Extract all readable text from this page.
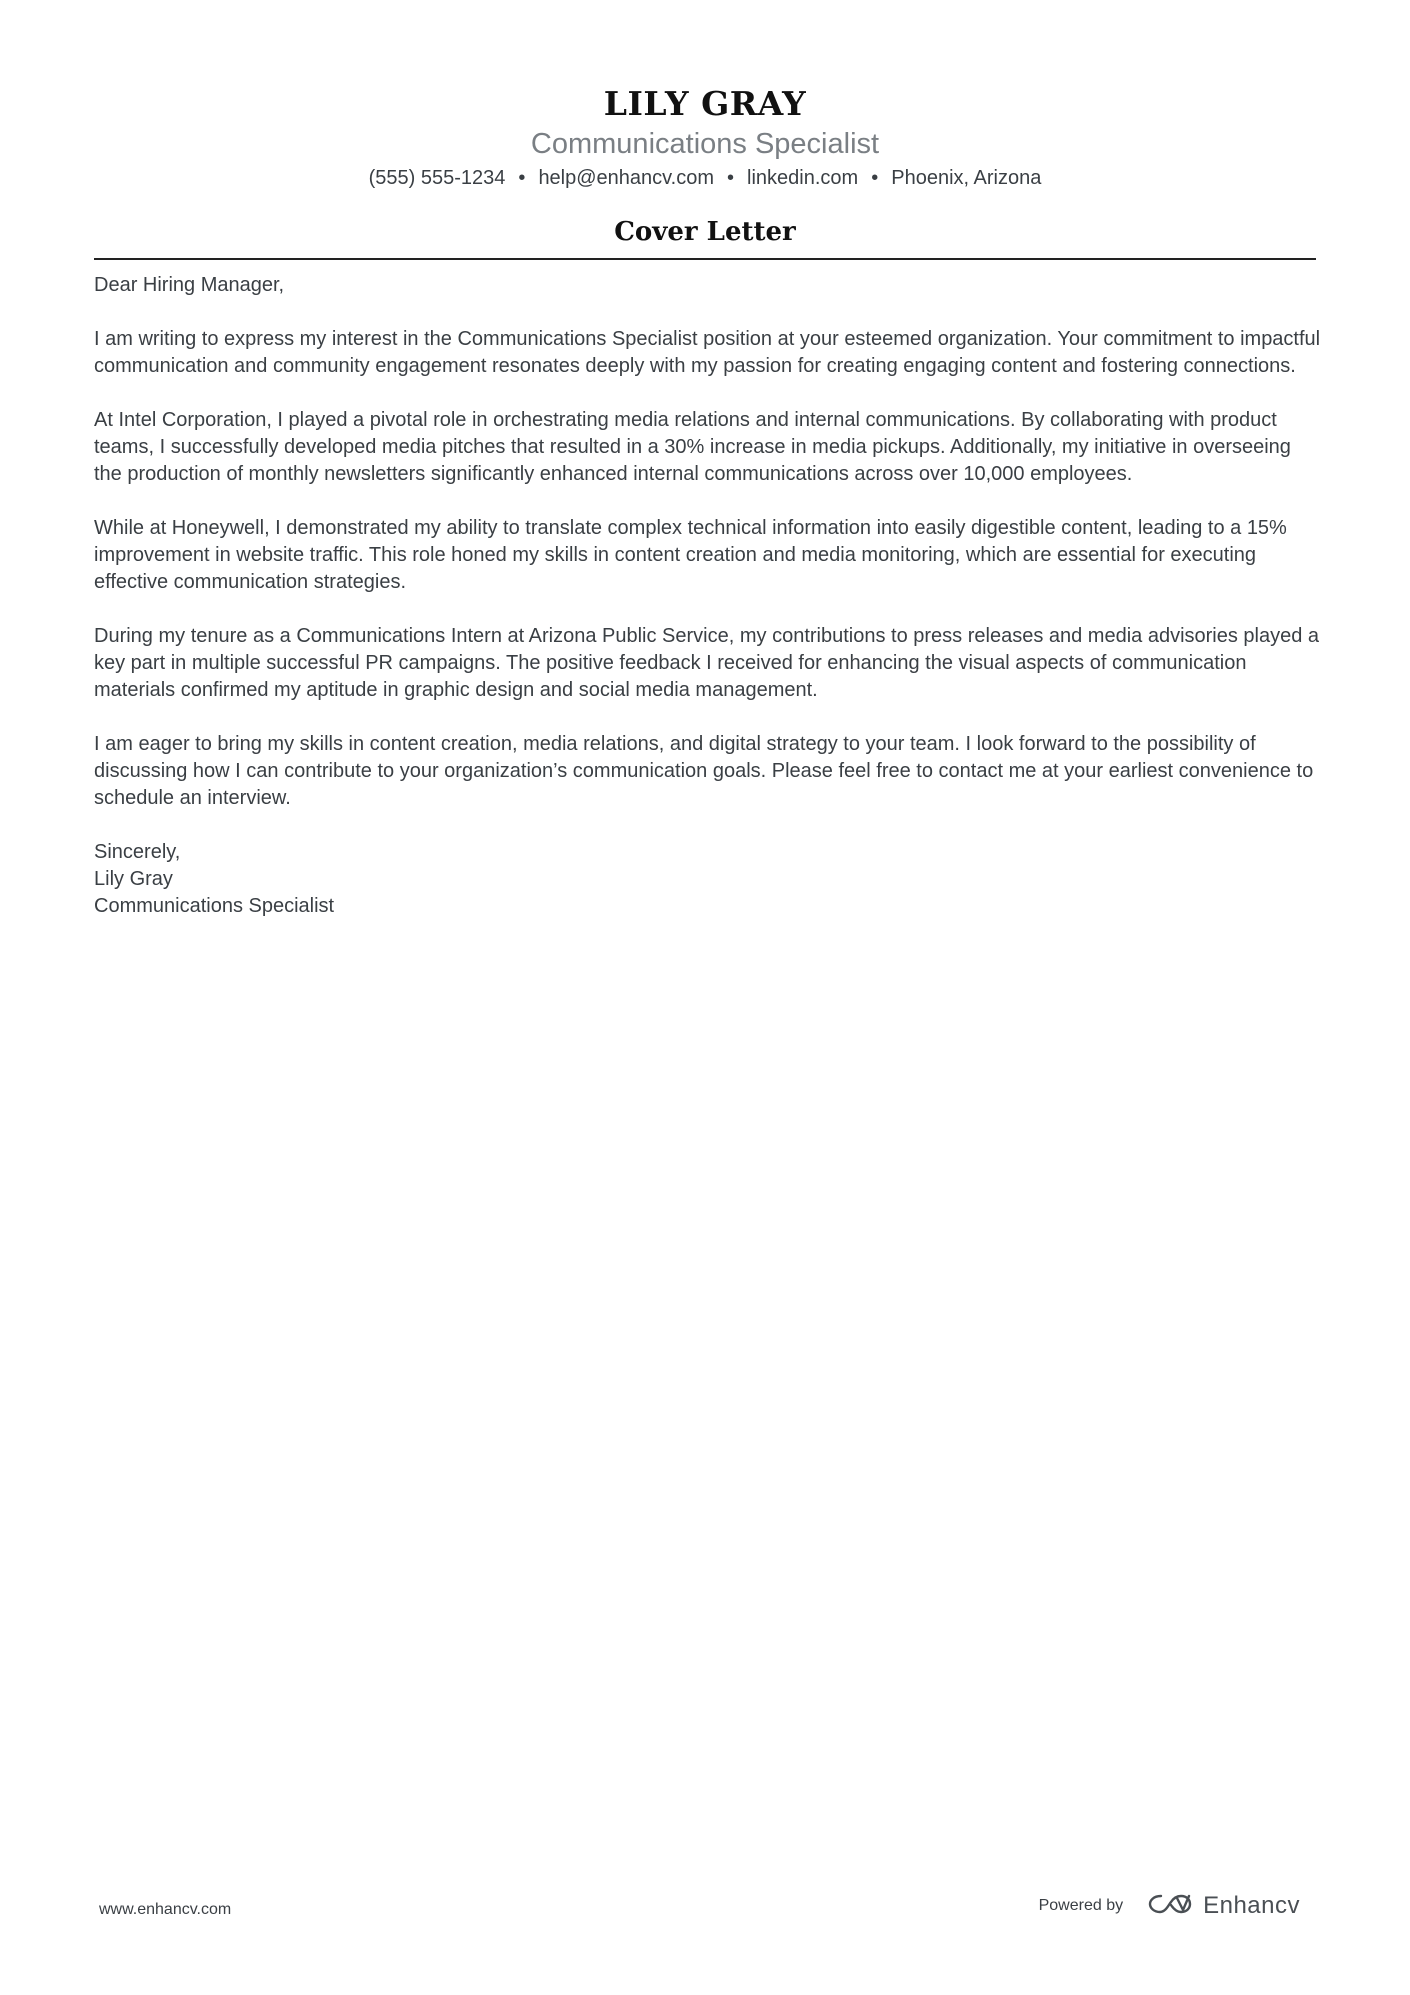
LILY GRAY
Communications Specialist
(555) 555-1234 • help@enhancv.com • linkedin.com • Phoenix, Arizona
Cover Letter

Dear Hiring Manager,

I am writing to express my interest in the Communications Specialist position at your esteemed organization. Your commitment to impactful communication and community engagement resonates deeply with my passion for creating engaging content and fostering connections.

At Intel Corporation, I played a pivotal role in orchestrating media relations and internal communications. By collaborating with product teams, I successfully developed media pitches that resulted in a 30% increase in media pickups. Additionally, my initiative in overseeing the production of monthly newsletters significantly enhanced internal communications across over 10,000 employees.

While at Honeywell, I demonstrated my ability to translate complex technical information into easily digestible content, leading to a 15% improvement in website traffic. This role honed my skills in content creation and media monitoring, which are essential for executing effective communication strategies.

During my tenure as a Communications Intern at Arizona Public Service, my contributions to press releases and media advisories played a key part in multiple successful PR campaigns. The positive feedback I received for enhancing the visual aspects of communication materials confirmed my aptitude in graphic design and social media management.

I am eager to bring my skills in content creation, media relations, and digital strategy to your team. I look forward to the possibility of discussing how I can contribute to your organization’s communication goals. Please feel free to contact me at your earliest convenience to schedule an interview.

Sincerely,

Lily Gray

Communications Specialist

www.enhancv.com	Powered by	Enhancv
